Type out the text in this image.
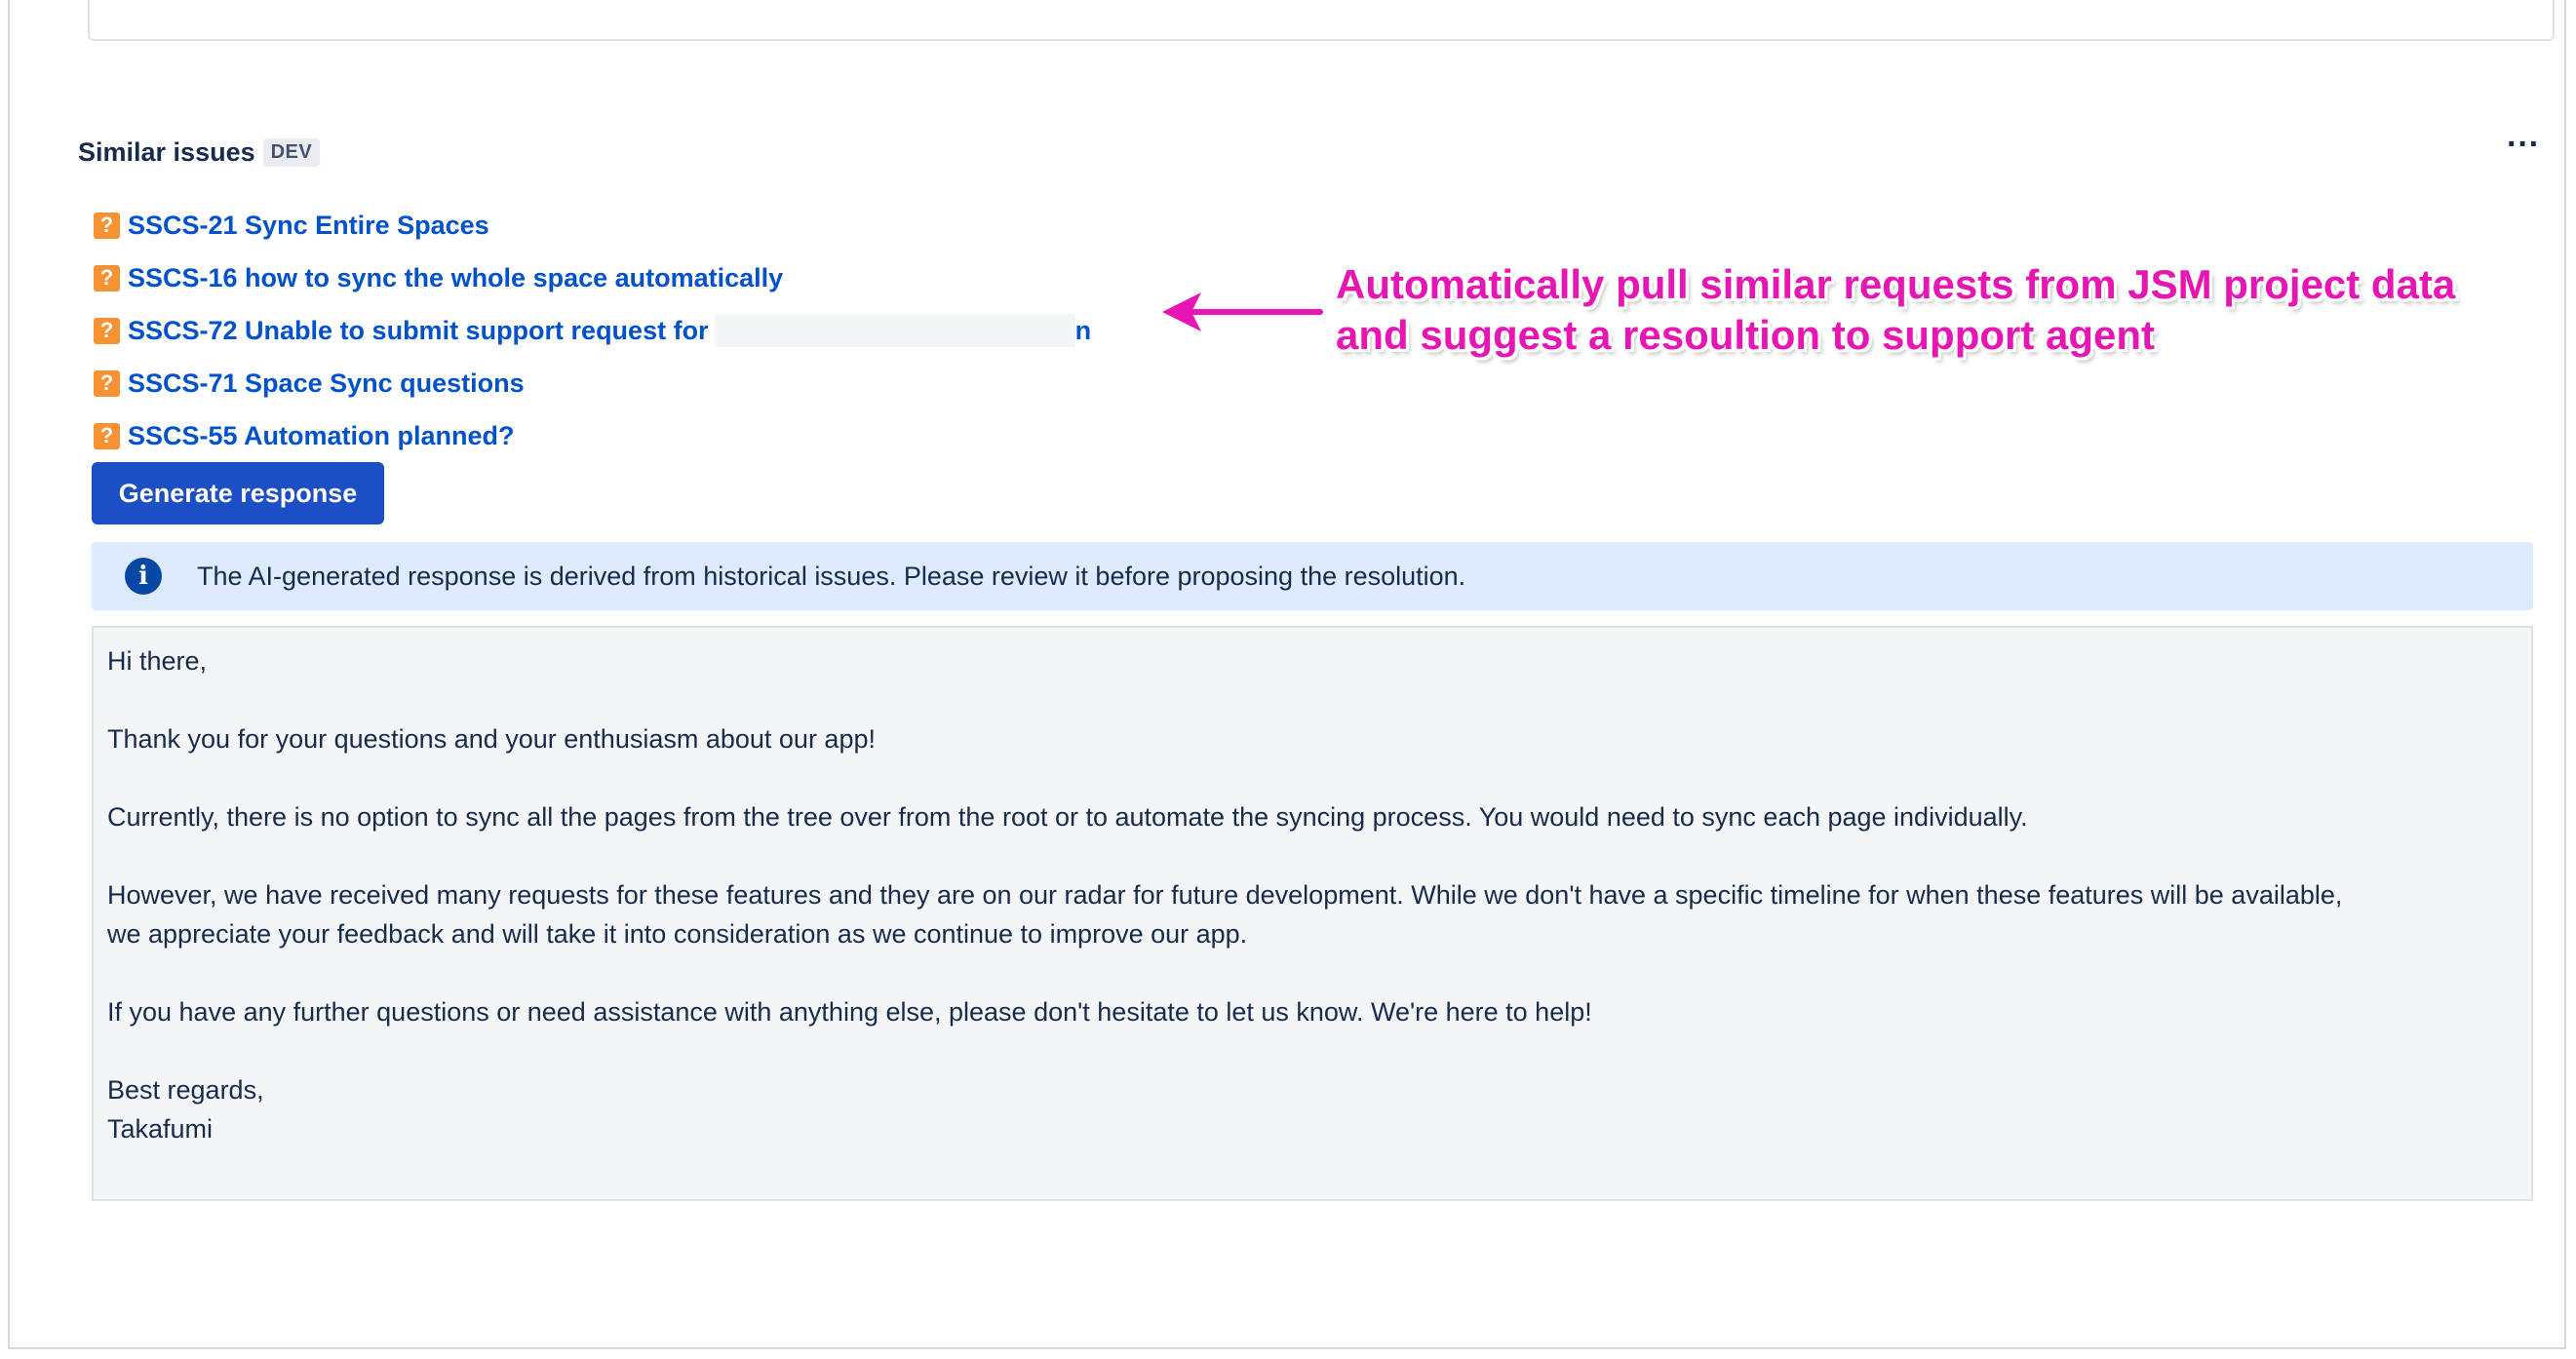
Similar issues DEV	···
? SSCS-21 Sync Entire Spaces
? SSCS-16 how to sync the whole space automatically
? SSCS-72 Unable to submit support request for	n
? SSCS-71 Space Sync questions
? SSCS-55 Automation planned?
Automatically pull similar requests from JSM project data
and suggest a resoultion to support agent
Generate response
i	The AI-generated response is derived from historical issues. Please review it before proposing the resolution.

Hi there,

Thank you for your questions and your enthusiasm about our app!

Currently, there is no option to sync all the pages from the tree over from the root or to automate the syncing process. You would need to sync each page individually.

However, we have received many requests for these features and they are on our radar for future development. While we don't have a specific timeline for when these features will be available,

we appreciate your feedback and will take it into consideration as we continue to improve our app.

If you have any further questions or need assistance with anything else, please don't hesitate to let us know. We're here to help!

Best regards,

Takafumi
